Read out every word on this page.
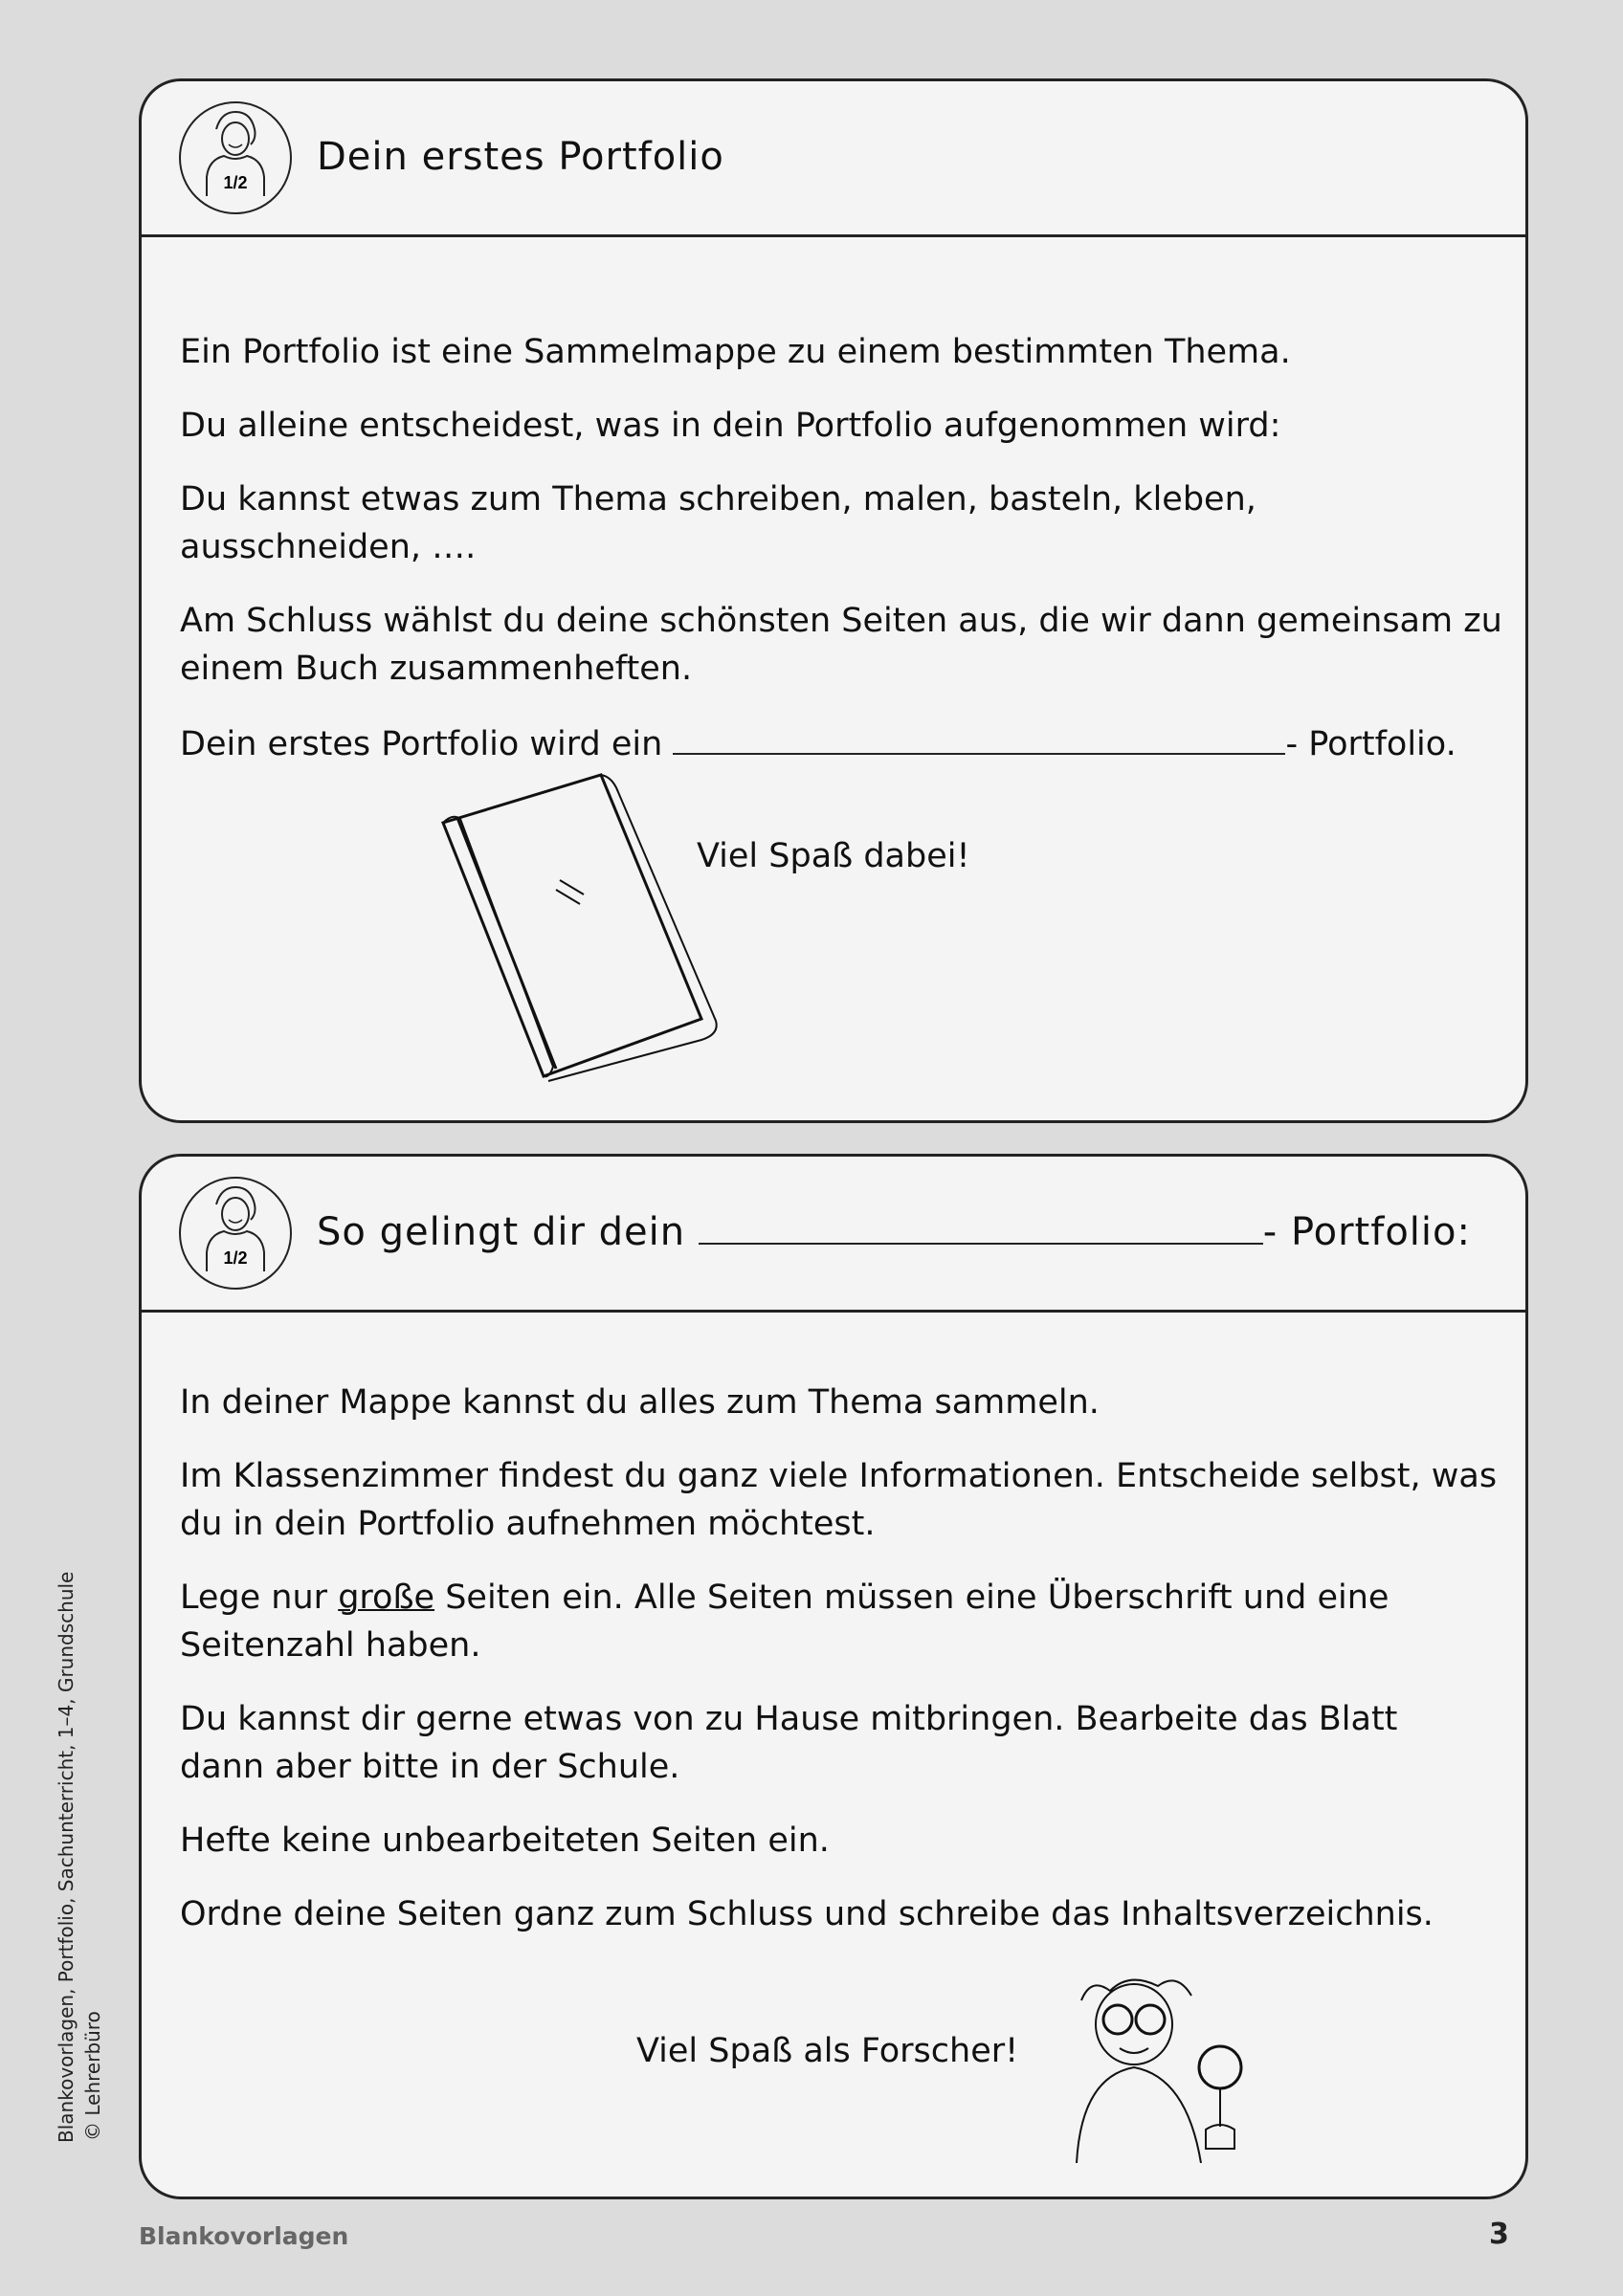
1/2
Dein erstes Portfolio

Ein Portfolio ist eine Sammelmappe zu einem bestimmten Thema.

Du alleine entscheidest, was in dein Portfolio aufgenommen wird:

Du kannst etwas zum Thema schreiben, malen, basteln, kleben, ausschneiden, ….

Am Schluss wählst du deine schönsten Seiten aus, die wir dann gemeinsam zu einem Buch zusammenheften.

Dein erstes Portfolio wird ein	- Portfolio.

Viel Spaß dabei!
1/2
So gelingt dir dein	- Portfolio:

In deiner Mappe kannst du alles zum Thema sammeln.

Im Klassenzimmer findest du ganz viele Informationen. Entscheide selbst, was du in dein Portfolio aufnehmen möchtest.

Lege nur große Seiten ein. Alle Seiten müssen eine Überschrift und eine Seitenzahl haben.

Du kannst dir gerne etwas von zu Hause mitbringen. Bearbeite das Blatt dann aber bitte in der Schule.

Hefte keine unbearbeiteten Seiten ein.

Ordne deine Seiten ganz zum Schluss und schreibe das Inhaltsverzeichnis.

Viel Spaß als Forscher!
Blankovorlagen, Portfolio, Sachunterricht, 1–4, Grundschule © Lehrerbüro
Blankovorlagen	3
